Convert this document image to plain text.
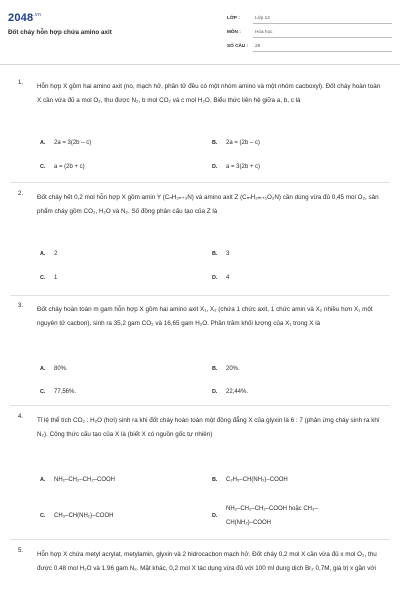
$2048^{.vn}$
Đốt cháy hỗn hợp chứa amino axit
LỚP :	Lớp 12
MÔN :	Hóa học
SỐ CÂU : 28
1. Hỗn hợp X gồm hai amino axit (no, mạch hở, phân tử đều có một nhóm amino và một nhóm cacboxyl). Đốt cháy hoàn toàn X cần vừa đủ a mol O₂, thu được N₂, b mol CO₂ và c mol H₂O. Biểu thức liên hệ giữa a, b, c là
A. 2a = 3(2b – c)	B. 2a = (2b – c)
C. a = (2b + c)	D. a = 3(2b + c)
2. Đốt cháy hết 0,2 mol hỗn hợp X gồm amin Y (CₙH₂ₙ₊₃N) và amino axit Z (CₘH₂ₘ₊₁O₂N) cần dùng vừa đủ 0,45 mol O₂, sản phẩm cháy gồm CO₂, H₂O và N₂. Số đồng phân cấu tạo của Z là
A. 2	B. 3
C. 1	D. 4
3. Đốt cháy hoàn toàn m gam hỗn hợp X gồm hai amino axit X₁, X₂ (chứa 1 chức axit, 1 chức amin và X₂ nhiều hơn X₁ một nguyên tử cacbon), sinh ra 35,2 gam CO₂ và 16,65 gam H₂O. Phần trăm khối lượng của X₁ trong X là
A. 80%.	B. 20%.
C. 77,56%.	D. 22,44%.
4. Tỉ lệ thể tích CO₂ : H₂O (hơi) sinh ra khi đốt cháy hoàn toàn một đồng đẳng X của glyxin là 6 : 7 (phản ứng cháy sinh ra khí N₂). Công thức cấu tạo của X là (biết X có nguồn gốc tự nhiên)
A. NH₂–CH₂–CH₂–COOH	B. C₂H₅–CH(NH₂)–COOH
C. CH₃–CH(NH₂)–COOH	D.
NH₂–CH₂–CH₂–COOH hoặc CH₃–
CH(NH₂)–COOH
5. Hỗn hợp X chứa metyl acrylat, metylamin, glyxin và 2 hidrocacbon mạch hở. Đốt cháy 0,2 mol X cần vừa đủ x mol O₂, thu được 0.48 mol H₂O và 1.96 gam N₂. Mặt khác, 0,2 mol X tác dụng vừa đủ với 100 ml dung dịch Br₂ 0,7M, giá trị x gần với
